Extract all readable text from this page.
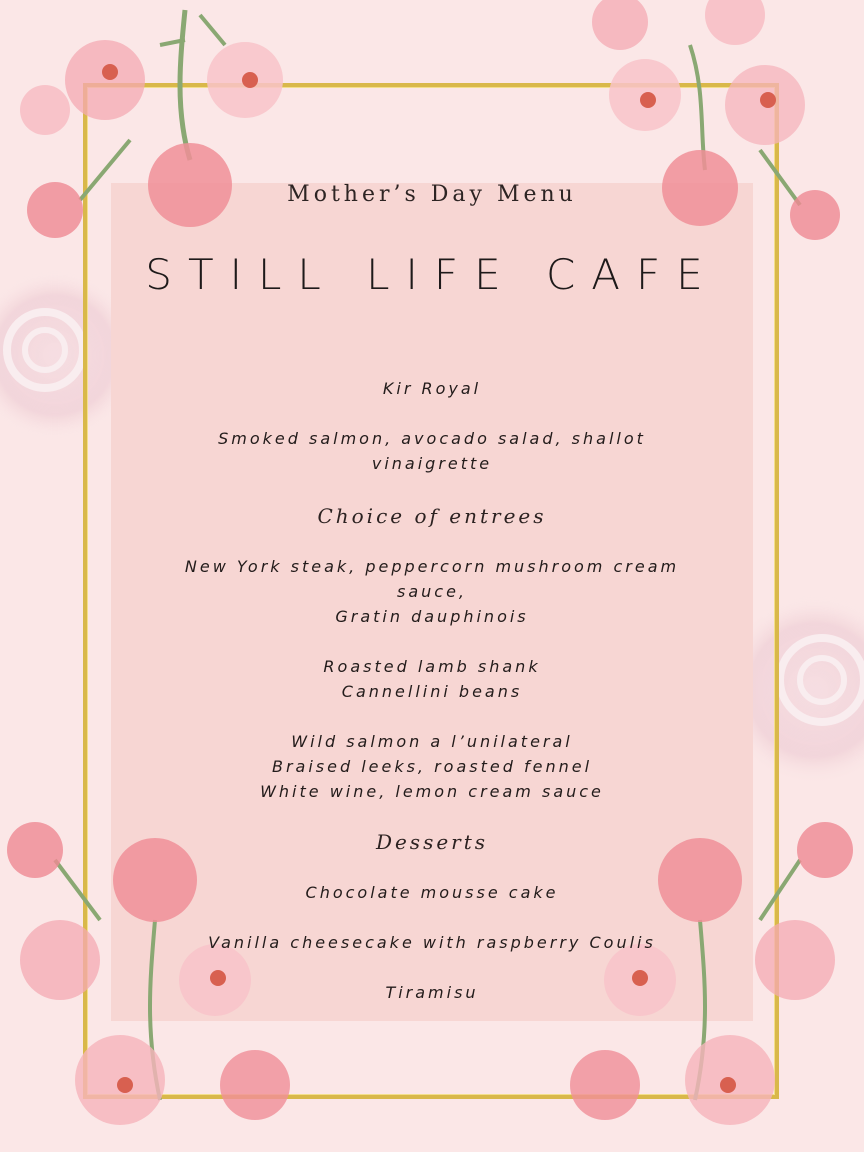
Mother’s Day Menu
STILL LIFE CAFE

Kir Royal

Smoked salmon, avocado salad, shallot

vinaigrette

Choice of entrees

New York steak, peppercorn mushroom cream

sauce,

Gratin dauphinois

Roasted lamb shank

Cannellini beans

Wild salmon a l’unilateral

Braised leeks, roasted fennel

White wine, lemon cream sauce

Desserts

Chocolate mousse cake

Vanilla cheesecake with raspberry Coulis

Tiramisu
